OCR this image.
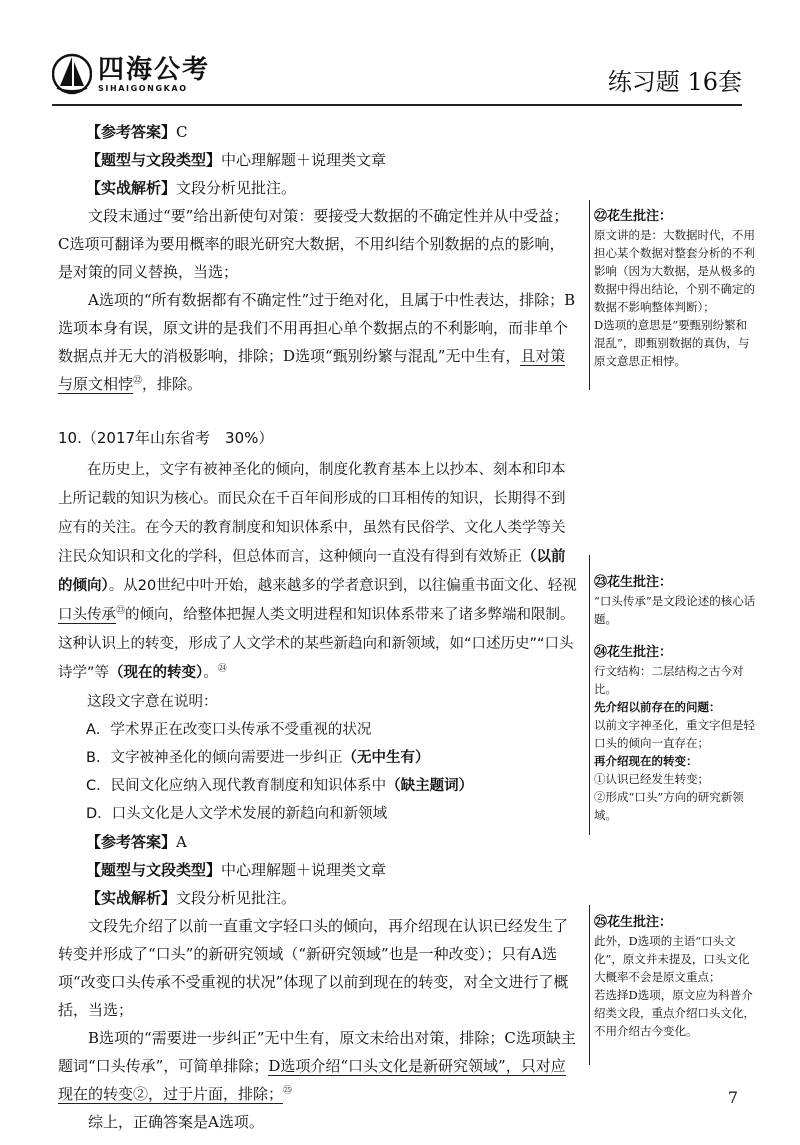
四海公考
SIHAIGONGKAO	练习题 16套

【参考答案】C

【题型与文段类型】中心理解题＋说理类文章

【实战解析】文段分析见批注。

文段末通过“要”给出新使句对策：要接受大数据的不确定性并从中受益；C选项可翻译为要用概率的眼光研究大数据，不用纠结个别数据的点的影响，是对策的同义替换，当选；

A选项的“所有数据都有不确定性”过于绝对化，且属于中性表达，排除；B选项本身有误，原文讲的是我们不用再担心单个数据点的不利影响，而非单个数据点并无大的消极影响，排除；D选项“甄别纷繁与混乱”无中生有，且对策与原文相悖$^㉒$，排除。

10.（2017年山东省考　30%）

在历史上，文字有被神圣化的倾向，制度化教育基本上以抄本、刻本和印本上所记载的知识为核心。而民众在千百年间形成的口耳相传的知识，长期得不到应有的关注。在今天的教育制度和知识体系中，虽然有民俗学、文化人类学等关注民众知识和文化的学科，但总体而言，这种倾向一直没有得到有效矫正（以前的倾向）。从20世纪中叶开始，越来越多的学者意识到，以往偏重书面文化、轻视口头传承$^㉓$的倾向，给整体把握人类文明进程和知识体系带来了诸多弊端和限制。这种认识上的转变，形成了人文学术的某些新趋向和新领域，如“口述历史”“口头诗学”等（现在的转变）。$^㉔$

这段文字意在说明：

A．学术界正在改变口头传承不受重视的状况

B．文字被神圣化的倾向需要进一步纠正（无中生有）

C．民间文化应纳入现代教育制度和知识体系中（缺主题词）

D．口头文化是人文学术发展的新趋向和新领域

【参考答案】A

【题型与文段类型】中心理解题＋说理类文章

【实战解析】文段分析见批注。

文段先介绍了以前一直重文字轻口头的倾向，再介绍现在认识已经发生了转变并形成了“口头”的新研究领域（“新研究领域”也是一种改变）；只有A选项“改变口头传承不受重视的状况”体现了以前到现在的转变，对全文进行了概括，当选；

B选项的“需要进一步纠正”无中生有，原文未给出对策，排除；C选项缺主题词“口头传承”，可简单排除；D选项介绍“口头文化是新研究领域”，只对应现在的转变②，过于片面，排除；$^㉕$

综上，正确答案是A选项。

㉒花生批注：

原文讲的是：大数据时代，不用担心某个数据对整套分析的不利影响（因为大数据，是从极多的数据中得出结论，个别不确定的数据不影响整体判断）；

D选项的意思是“要甄别纷繁和混乱”，即甄别数据的真伪，与原文意思正相悖。

㉓花生批注：

“口头传承”是文段论述的核心话题。

㉔花生批注：

行文结构：二层结构之古今对比。

先介绍以前存在的问题：

以前文字神圣化，重文字但是轻口头的倾向一直存在；

再介绍现在的转变：

①认识已经发生转变；

②形成“口头”方向的研究新领域。

㉕花生批注：

此外，D选项的主语“口头文化”，原文并未提及，口头文化大概率不会是原文重点；

若选择D选项，原文应为科普介绍类文段，重点介绍口头文化，不用介绍古今变化。

7
